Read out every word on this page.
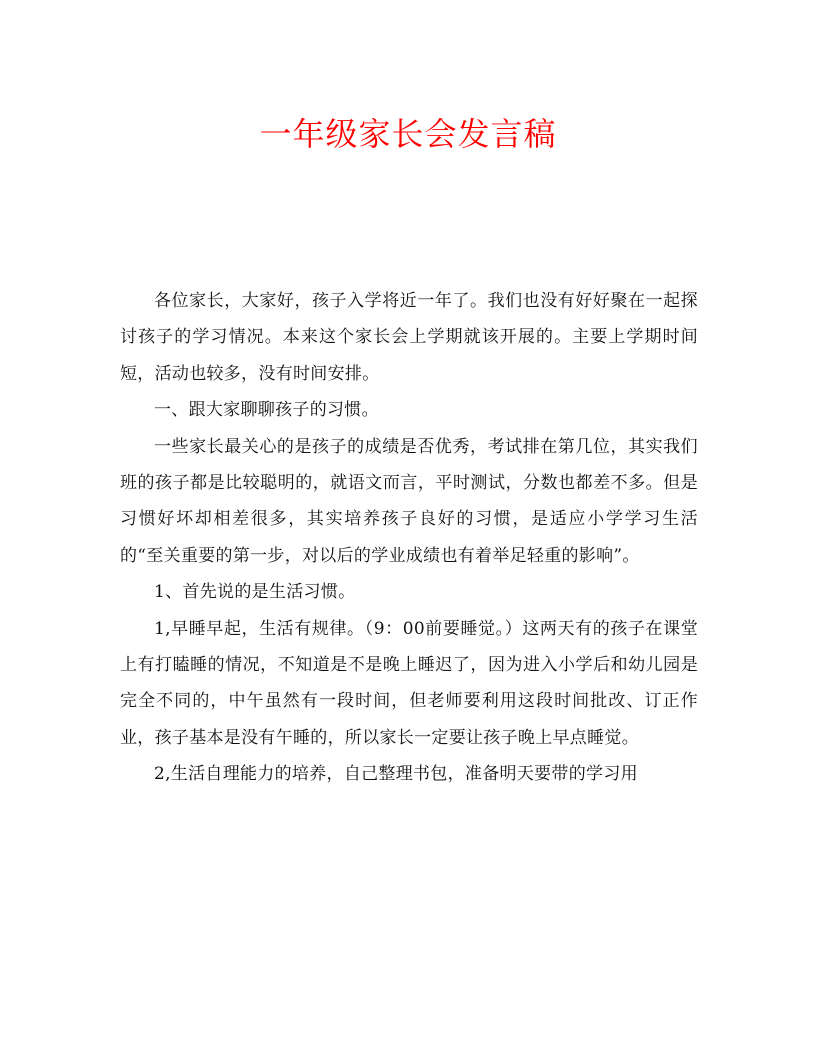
一年级家长会发言稿

各位家长，大家好，孩子入学将近一年了。我们也没有好好聚在一起探讨孩子的学习情况。本来这个家长会上学期就该开展的。主要上学期时间短，活动也较多，没有时间安排。

一、跟大家聊聊孩子的习惯。

一些家长最关心的是孩子的成绩是否优秀，考试排在第几位，其实我们班的孩子都是比较聪明的，就语文而言，平时测试，分数也都差不多。但是习惯好坏却相差很多，其实培养孩子良好的习惯，是适应小学学习生活的“至关重要的第一步，对以后的学业成绩也有着举足轻重的影响”。

1、首先说的是生活习惯。

1,早睡早起，生活有规律。（9：00前要睡觉。）这两天有的孩子在课堂上有打瞌睡的情况，不知道是不是晚上睡迟了，因为进入小学后和幼儿园是完全不同的，中午虽然有一段时间，但老师要利用这段时间批改、订正作业，孩子基本是没有午睡的，所以家长一定要让孩子晚上早点睡觉。

2,生活自理能力的培养，自己整理书包，准备明天要带的学习用
